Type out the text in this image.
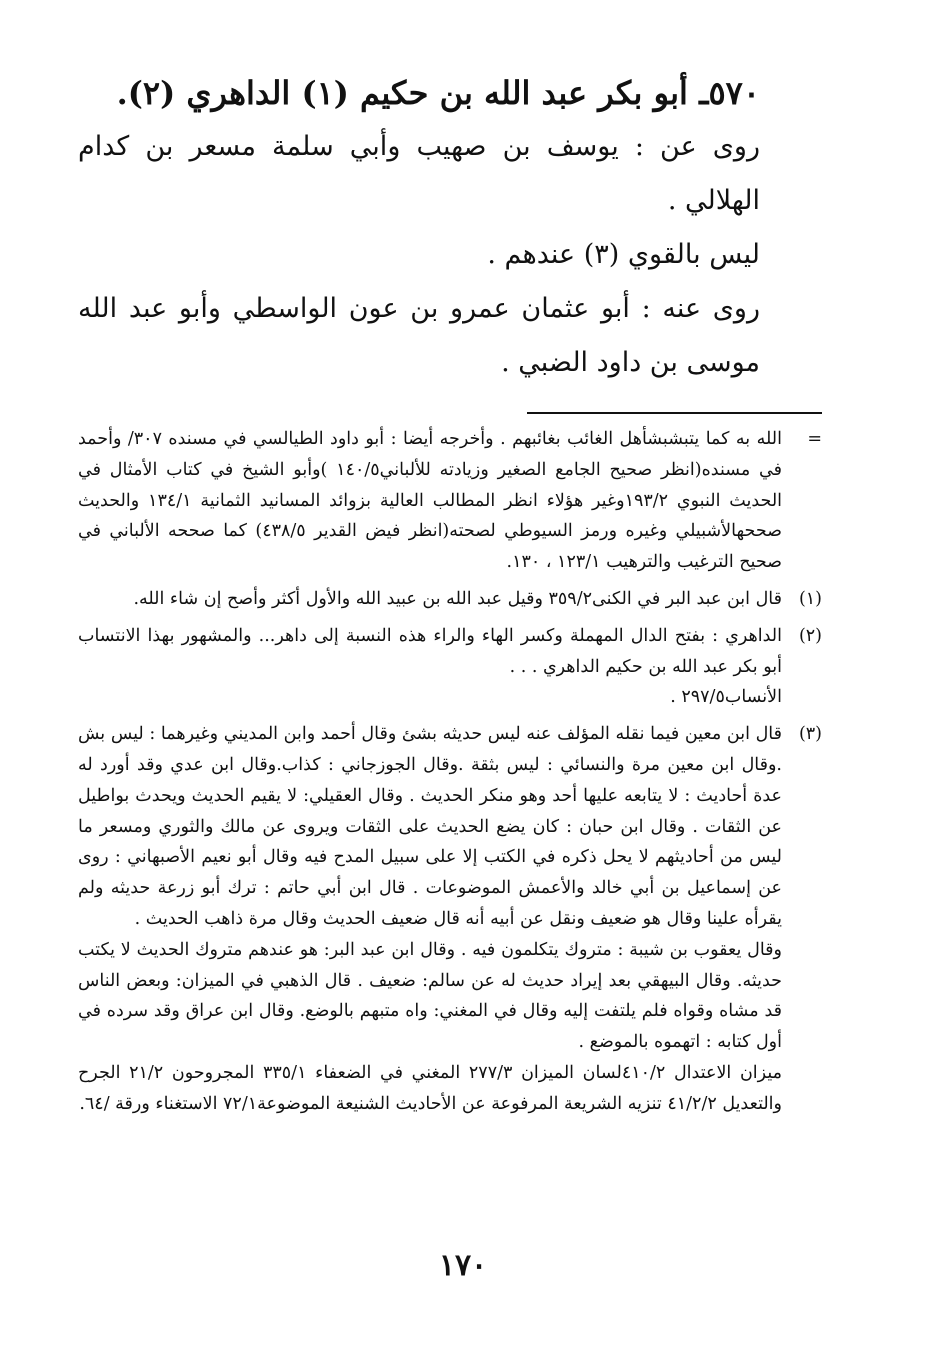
٥٧٠ـ أبو بكر عبد الله بن حكيم (١) الداهري (٢).

روى عن : يوسف بن صهيب وأبي سلمة مسعر بن كدام الهلالي .

ليس بالقوي (٣) عندهم .

روى عنه : أبو عثمان عمرو بن عون الواسطي وأبو عبد الله موسى بن داود الضبي .

=

الله به كما يتبشبشأهل الغائب بغائبهم . وأخرجه أيضا : أبو داود الطيالسي في مسنده ٣٠٧/ وأحمد في مسنده(انظر صحيح الجامع الصغير وزيادته للألباني١٤٠/٥ )وأبو الشيخ في كتاب الأمثال في الحديث النبوي ١٩٣/٢وغير هؤلاء انظر المطالب العالية بزوائد المسانيد الثمانية ١٣٤/١ والحديث صححهالأشبيلي وغيره ورمز السيوطي لصحته(انظر فيض القدير ٤٣٨/٥) كما صححه الألباني في صحيح الترغيب والترهيب ١٢٣/١ ، ١٣٠.

(١)

قال ابن عبد البر في الكنى٣٥٩/٢ وقيل عبد الله بن عبيد الله والأول أكثر وأصح إن شاء الله.

(٢)

الداهري : بفتح الدال المهملة وكسر الهاء والراء هذه النسبة إلى داهر... والمشهور بهذا الانتساب أبو بكر عبد الله بن حكيم الداهري . . .

الأنساب٢٩٧/٥ .

(٣)

قال ابن معين فيما نقله المؤلف عنه ليس حديثه بشئ وقال أحمد وابن المديني وغيرهما : ليس بش .وقال ابن معين مرة والنسائي : ليس بثقة .وقال الجوزجاني : كذاب.وقال ابن عدي وقد أورد له عدة أحاديث : لا يتابعه عليها أحد وهو منكر الحديث . وقال العقيلي: لا يقيم الحديث ويحدث بواطيل عن الثقات . وقال ابن حبان : كان يضع الحديث على الثقات ويروى عن مالك والثوري ومسعر ما ليس من أحاديثهم لا يحل ذكره في الكتب إلا على سبيل المدح فيه وقال أبو نعيم الأصبهاني : روى عن إسماعيل بن أبي خالد والأعمش الموضوعات . قال ابن أبي حاتم : ترك أبو زرعة حديثه ولم يقرأه علينا وقال هو ضعيف ونقل عن أبيه أنه قال ضعيف الحديث وقال مرة ذاهب الحديث .

وقال يعقوب بن شيبة : متروك يتكلمون فيه . وقال ابن عبد البر: هو عندهم متروك الحديث لا يكتب حديثه. وقال البيهقي بعد إيراد حديث له عن سالم: ضعيف . قال الذهبي في الميزان: وبعض الناس قد مشاه وقواه فلم يلتفت إليه وقال في المغني: واه متبهم بالوضع. وقال ابن عراق وقد سرده في أول كتابه : اتهموه بالموضع .

ميزان الاعتدال ٤١٠/٢لسان الميزان ٢٧٧/٣ المغني في الضعفاء ٣٣٥/١ المجروحون ٢١/٢ الجرح والتعديل ٤١/٢/٢ تنزيه الشريعة المرفوعة عن الأحاديث الشنيعة الموضوعة٧٢/١ الاستغناء ورقة /٦٤.

١٧٠
